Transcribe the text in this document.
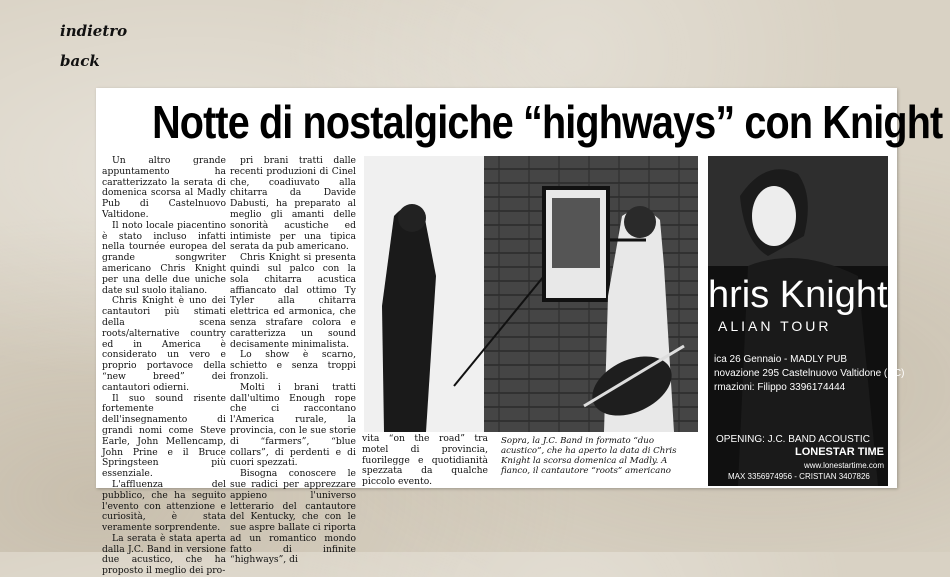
indietro
back
Notte di nostalgiche “highways” con Knight

Un altro grande appuntamento ha caratterizzato la serata di domenica scorsa al Madly Pub di Castelnuovo Valtidone.

Il noto locale piacentino è stato incluso infatti nella tournée europea del grande songwriter americano Chris Knight per una delle due uniche date sul suolo italiano.

Chris Knight è uno dei cantautori più stimati della scena roots/alternative country ed in America è considerato un vero e proprio portavoce della “new breed” dei cantautori odierni.

Il suo sound risente fortemente dell'insegnamento di grandi nomi come Steve Earle, John Mellencamp, John Prine e il Bruce Springsteen più essenziale.

L'affluenza del pubblico, che ha seguito l'evento con attenzione e curiosità, è stata veramente sorprendente.

La serata è stata aperta dalla J.C. Band in versione due acustico, che ha proposto il meglio dei pro-

pri brani tratti dalle recenti produzioni di Cinel che, coadiuvato alla chitarra da Davide Dabusti, ha preparato al meglio gli amanti delle sonorità acustiche ed intimiste per una tipica serata da pub americano.

Chris Knight si presenta quindi sul palco con la sola chitarra acustica affiancato dal ottimo Ty Tyler alla chitarra elettrica ed armonica, che senza strafare colora e caratterizza un sound decisamente minimalista.

Lo show è scarno, schietto e senza troppi fronzoli.

Molti i brani tratti dall'ultimo Enough rope che ci raccontano l'America rurale, la provincia, con le sue storie di “farmers”, “blue collars”, di perdenti e di cuori spezzati.

Bisogna conoscere le sue radici per apprezzare appieno l'universo letterario del cantautore del Kentucky, che con le sue aspre ballate ci riporta ad un romantico mondo fatto di infinite “highways”, di

vita “on the road” tra motel di provincia, fuorilegge e quotidianità spezzata da qualche piccolo evento.

Sopra, la J.C. Band in formato “duo acustico”, che ha aperto la data di Chris Knight la scorsa domenica al Madly. A fianco, il cantautore “roots” americano
hris Knight
ALIAN TOUR
ica 26 Gennaio - MADLY PUB
novazione 295 Castelnuovo Valtidone (PC)
rmazioni: Filippo 3396174444
OPENING: J.C. BAND ACOUSTIC
LONESTAR TIME
www.lonestartime.com
MAX 3356974956 - CRISTIAN 3407826
